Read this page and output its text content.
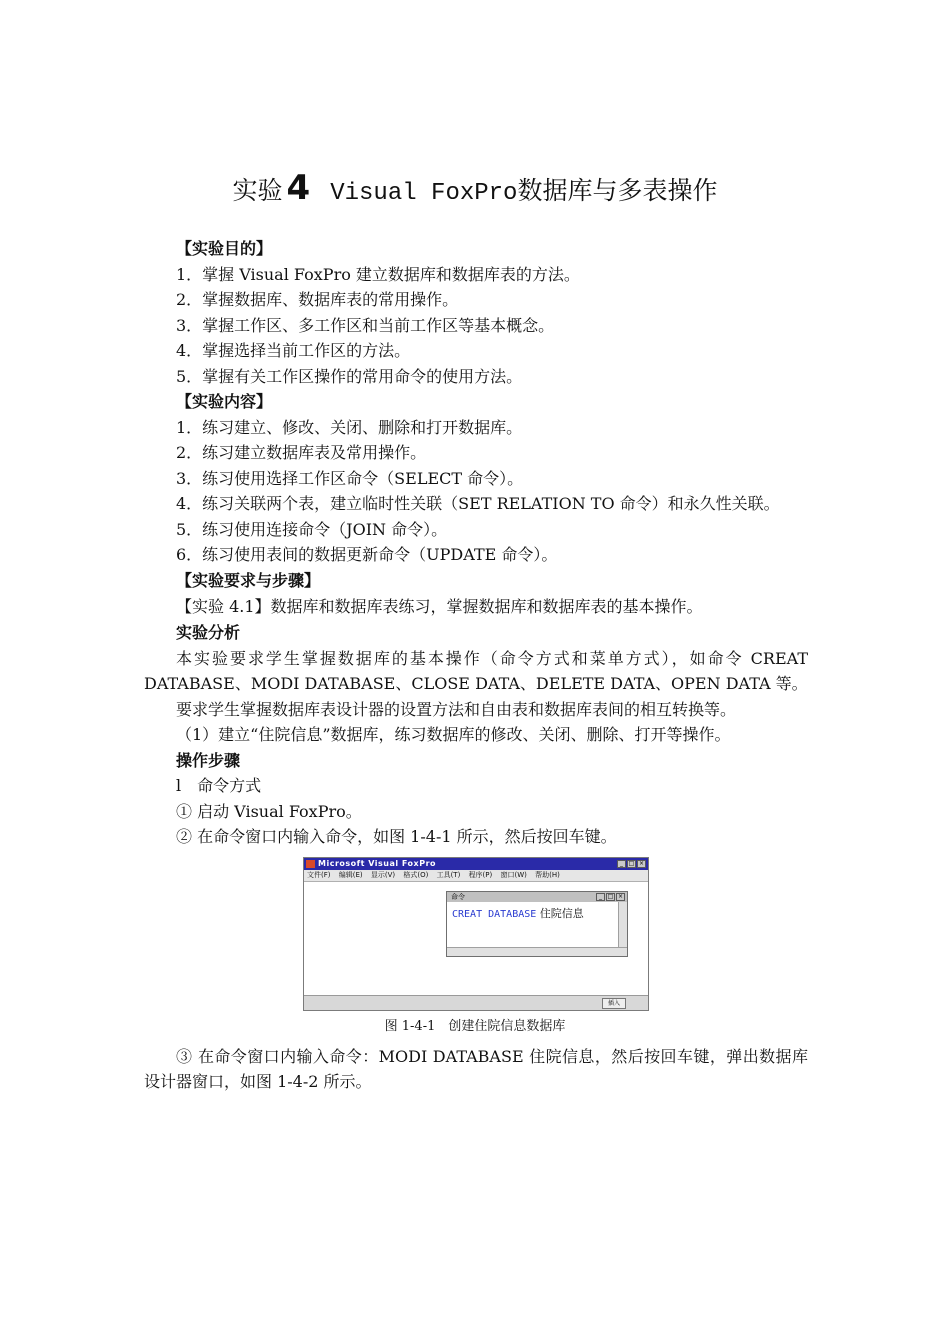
实验 4 Visual FoxPro数据库与多表操作
【实验目的】
1．掌握 Visual FoxPro 建立数据库和数据库表的方法。
2．掌握数据库、数据库表的常用操作。
3．掌握工作区、多工作区和当前工作区等基本概念。
4．掌握选择当前工作区的方法。
5．掌握有关工作区操作的常用命令的使用方法。
【实验内容】
1．练习建立、修改、关闭、删除和打开数据库。
2．练习建立数据库表及常用操作。
3．练习使用选择工作区命令（SELECT 命令）。
4．练习关联两个表，建立临时性关联（SET RELATION TO 命令）和永久性关联。
5．练习使用连接命令（JOIN 命令）。
6．练习使用表间的数据更新命令（UPDATE 命令）。
【实验要求与步骤】
【实验 4.1】数据库和数据库表练习，掌握数据库和数据库表的基本操作。
实验分析
本实验要求学生掌握数据库的基本操作（命令方式和菜单方式），如命令 CREAT
DATABASE、MODI DATABASE、CLOSE DATA、DELETE DATA、OPEN DATA 等。
要求学生掌握数据库表设计器的设置方法和自由表和数据库表间的相互转换等。
（1）建立“住院信息”数据库，练习数据库的修改、关闭、删除、打开等操作。
操作步骤
l　命令方式
① 启动 Visual FoxPro。
② 在命令窗口内输入命令，如图 1-4-1 所示，然后按回车键。
Microsoft Visual FoxPro	_ □ ×
文件(F) 编辑(E) 显示(V) 格式(O) 工具(T) 程序(P) 窗口(W) 帮助(H)
命令	_ □ ×
CREAT DATABASE 住院信息
插入
图 1-4-1　创建住院信息数据库
③ 在命令窗口内输入命令：MODI DATABASE 住院信息，然后按回车键，弹出数据库
设计器窗口，如图 1-4-2 所示。
